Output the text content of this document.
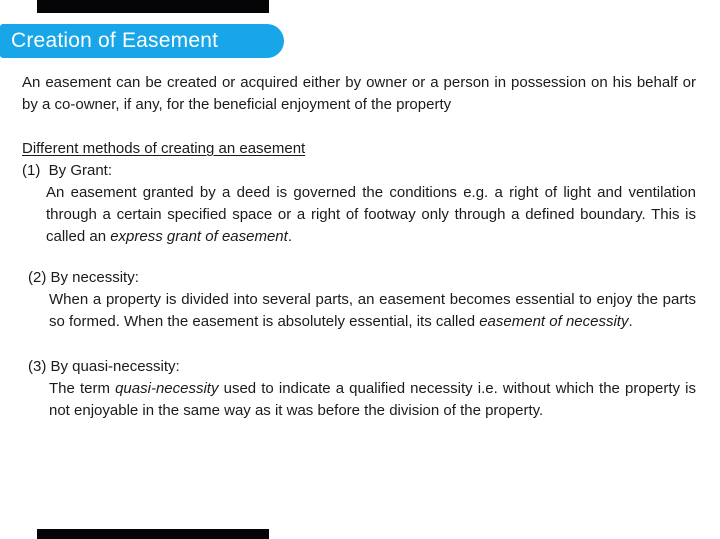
Creation of Easement

An easement can be created or acquired either by owner or a person in possession on his behalf or by a co-owner, if any, for the beneficial enjoyment of the property

Different methods of creating an easement

(1)  By Grant:

An easement granted by a deed is governed the conditions e.g. a right of light and ventilation through a certain specified space or a right of footway only through a defined boundary. This is called an express grant of easement.

(2) By necessity:

When a property is divided into several parts, an easement becomes essential to enjoy the parts so formed. When the easement is absolutely essential, its called easement of necessity.

(3) By quasi-necessity:

The term quasi-necessity used to indicate a qualified necessity i.e. without which the property is not enjoyable in the same way as it was before the division of the property.
